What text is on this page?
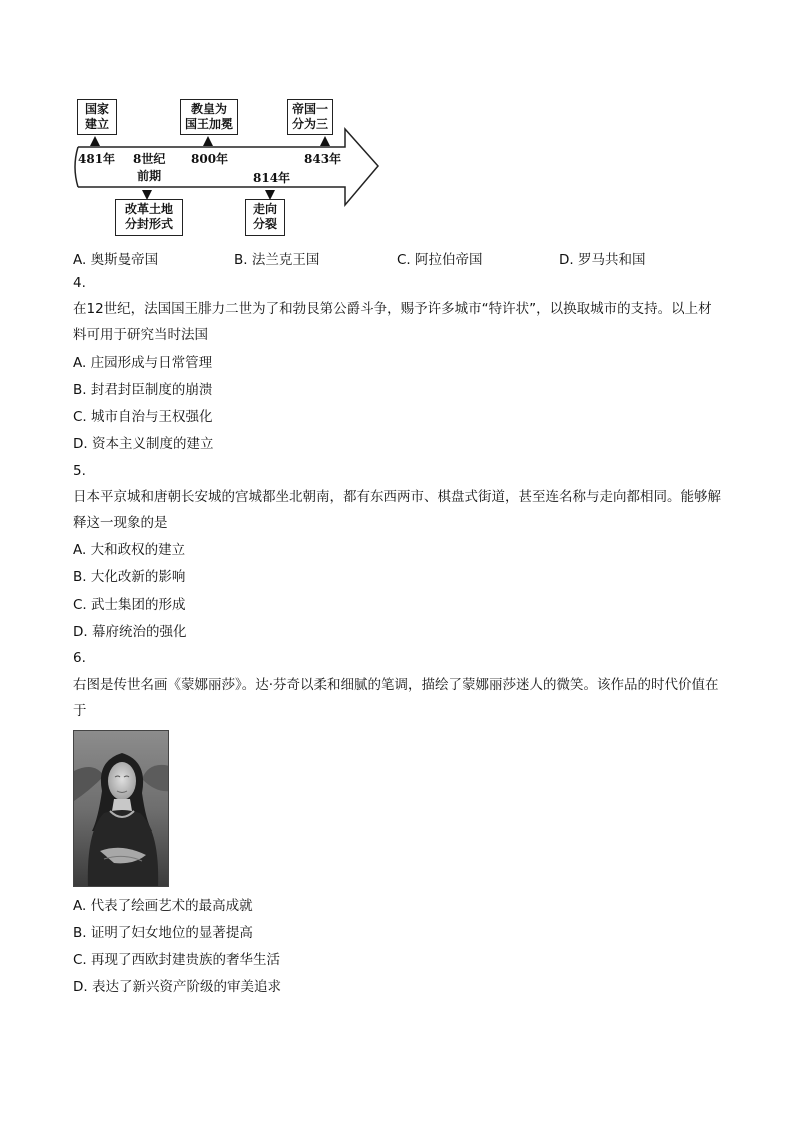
国家
建立
教皇为
国王加冕
帝国一
分为三
481年	800年	843年
8世纪
前期	814年
改革土地
分封形式
走向
分裂
A. 奥斯曼帝国	B. 法兰克王国	C. 阿拉伯帝国	D. 罗马共和国
4.
在12世纪，法国国王腓力二世为了和勃艮第公爵斗争，赐予许多城市“特许状”，以换取城市的支持。以上材料可用于研究当时法国
A. 庄园形成与日常管理
B. 封君封臣制度的崩溃
C. 城市自治与王权强化
D. 资本主义制度的建立
5.
日本平京城和唐朝长安城的宫城都坐北朝南，都有东西两市、棋盘式街道，甚至连名称与走向都相同。能够解释这一现象的是
A. 大和政权的建立
B. 大化改新的影响
C. 武士集团的形成
D. 幕府统治的强化
6.
右图是传世名画《蒙娜丽莎》。达·芬奇以柔和细腻的笔调，描绘了蒙娜丽莎迷人的微笑。该作品的时代价值在于
A. 代表了绘画艺术的最高成就
B. 证明了妇女地位的显著提高
C. 再现了西欧封建贵族的奢华生活
D. 表达了新兴资产阶级的审美追求
